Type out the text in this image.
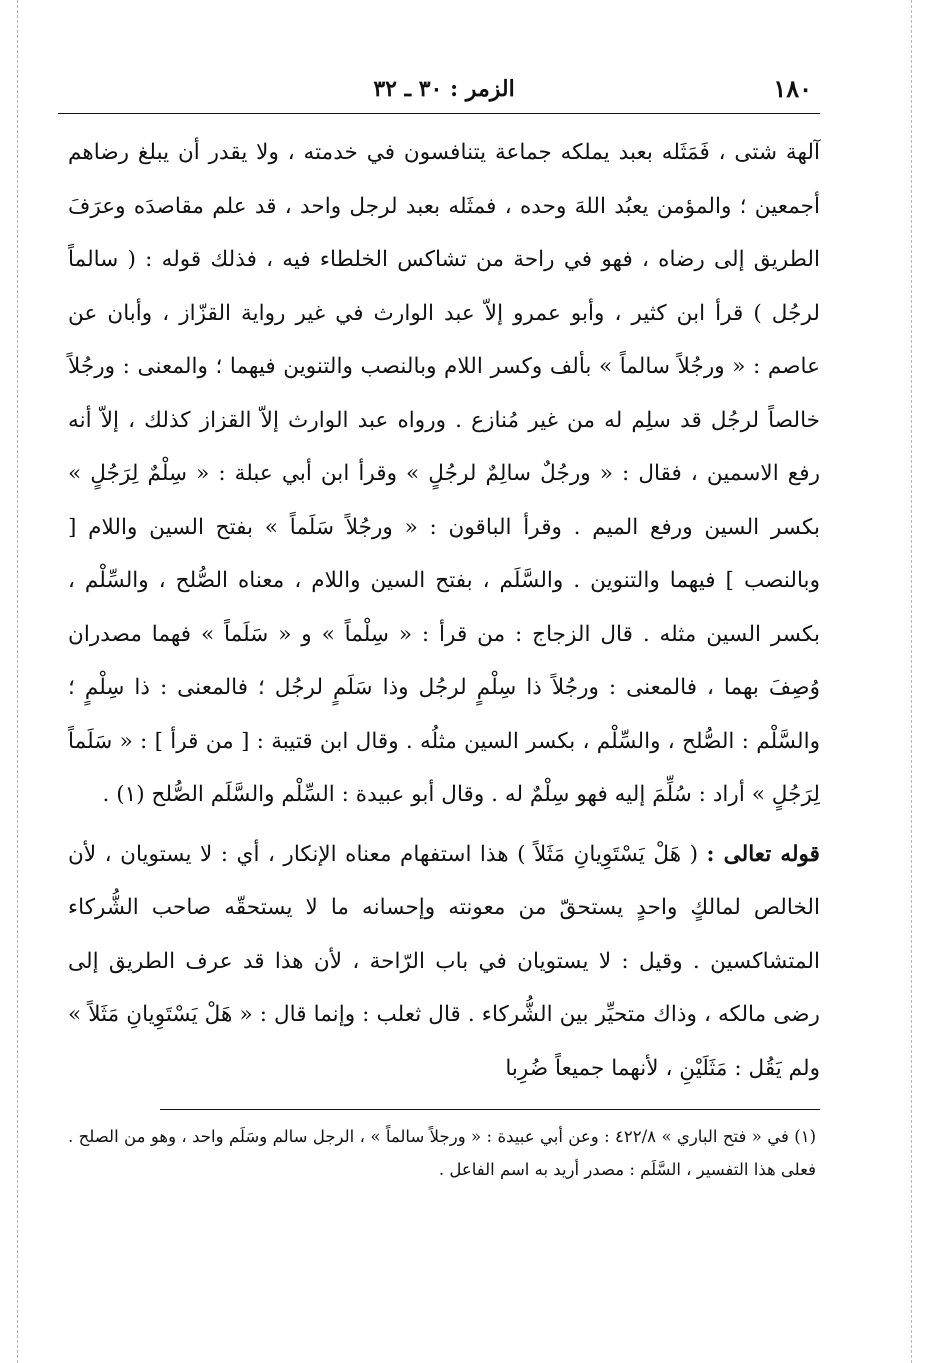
١٨٠
الزمر : ٣٠ ـ ٣٢

آلهة شتى ، فَمَثَله بعبد يملكه جماعة يتنافسون في خدمته ، ولا يقدر أن يبلغ رضاهم أجمعين ؛ والمؤمن يعبُد اللهَ وحده ، فمثَله بعبد لرجل واحد ، قد علم مقاصدَه وعرَفَ الطريق إلى رضاه ، فهو في راحة من تشاكس الخلطاء فيه ، فذلك قوله : ( سالماً لرجُل ) قرأ ابن كثير ، وأبو عمرو إلاّ عبد الوارث في غير رواية القزّاز ، وأبان عن عاصم : « ورجُلاً سالماً » بألف وكسر اللام وبالنصب والتنوين فيهما ؛ والمعنى : ورجُلاً خالصاً لرجُل قد سلِم له من غير مُنازع . ورواه عبد الوارث إلاّ القزاز كذلك ، إلاّ أنه رفع الاسمين ، فقال : « ورجُلٌ سالِمٌ لرجُلٍ » وقرأ ابن أبي عبلة : « سِلْمٌ لِرَجُلٍ » بكسر السين ورفع الميم . وقرأ الباقون : « ورجُلاً سَلَماً » بفتح السين واللام [ وبالنصب ] فيهما والتنوين . والسَّلَم ، بفتح السين واللام ، معناه الصُّلح ، والسِّلْم ، بكسر السين مثله . قال الزجاج : من قرأ : « سِلْماً » و « سَلَماً » فهما مصدران وُصِفَ بهما ، فالمعنى : ورجُلاً ذا سِلْمٍ لرجُل وذا سَلَمٍ لرجُل ؛ فالمعنى : ذا سِلْمٍ ؛ والسَّلْم : الصُّلح ، والسِّلْم ، بكسر السين مثلُه . وقال ابن قتيبة : [ من قرأ ] : « سَلَماً لِرَجُلٍ » أراد : سُلِّمَ إليه فهو سِلْمٌ له . وقال أبو عبيدة : السِّلْم والسَّلَم الصُّلح (١) .

قوله تعالى : ( هَلْ يَسْتَوِيانِ مَثَلاً ) هذا استفهام معناه الإنكار ، أي : لا يستويان ، لأن الخالص لمالكٍ واحدٍ يستحقّ من معونته وإحسانه ما لا يستحقّه صاحب الشُّركاء المتشاكسين . وقيل : لا يستويان في باب الرّاحة ، لأن هذا قد عرف الطريق إلى رضى مالكه ، وذاك متحيِّر بين الشُّركاء . قال ثعلب : وإنما قال : « هَلْ يَسْتَوِيانِ مَثَلاً » ولم يَقُل : مَثَلَيْنِ ، لأنهما جميعاً ضُرِبا

(١) في « فتح الباري » ٤٢٢/٨ : وعن أبي عبيدة : « ورجلاً سالماً » ، الرجل سالم وسَلَم واحد ، وهو من الصلح . فعلى هذا التفسير ، السَّلَم : مصدر أريد به اسم الفاعل .
